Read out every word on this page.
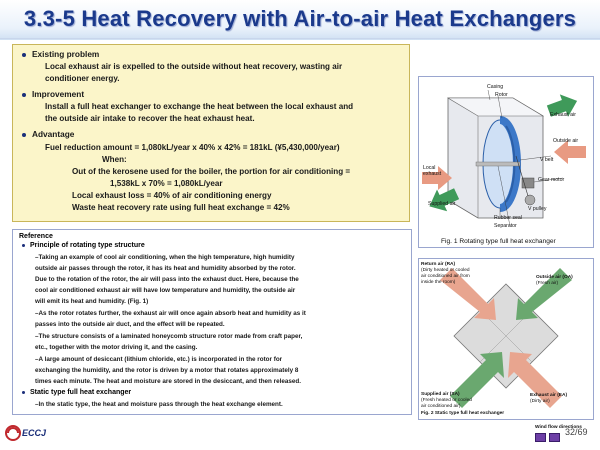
3.3-5 Heat Recovery with Air-to-air Heat Exchangers
Existing problem
Local exhaust air is expelled to the outside without heat recovery, wasting air
conditioner energy.
Improvement
Install a full heat exchanger to exchange the heat between the local exhaust and
the outside air intake to recover the heat exhaust heat.
Advantage
Fuel reduction amount = 1,080kL/year x 40% x 42% = 181kL (¥5,430,000/year)
When:
Out of the kerosene used for the boiler, the portion for air conditioning =
1,538kL x 70% = 1,080kL/year
Local exhaust loss = 40% of air conditioning energy
Waste heat recovery rate using full heat exchange = 42%
Reference
Principle of rotating type structure
–Taking an example of cool air conditioning, when the high temperature, high humidity
outside air passes through the rotor, it has its heat and humidity absorbed by the rotor.
Due to the rotation of the rotor, the air will pass into the exhaust duct. Here, because the
cool air conditioned exhaust air will have low temperature and humidity, the outside air
will emit its heat and humidity. (Fig. 1)
–As the rotor rotates further, the exhaust air will once again absorb heat and humidity as it
passes into the outside air duct, and the effect will be repeated.
–The structure consists of a laminated honeycomb structure rotor made from craft paper,
etc., together with the motor driving it, and the casing.
–A large amount of desiccant (lithium chloride, etc.) is incorporated in the rotor for
exchanging the humidity, and the rotor is driven by a motor that rotates approximately 8
times each minute. The heat and moisture are stored in the desiccant, and then released.
Static type full heat exchanger
–In the static type, the heat and moisture pass through the heat exchange element.
Casing
Rotor
Exhaust air
Outside air
V belt
Local
exhaust
Gear motor
Supplied air
V pulley
Rubber seal
Separator
Fig. 1 Rotating type full heat exchanger
Return air (RA)
(Dirty heated or cooled
air conditioned air from
inside the room)
Outside air (OA)
(Fresh air)
Supplied air (SA)
(Fresh heated or cooled
air conditioned air)
Exhaust air (EA)
(Dirty air)
Fig. 2 Static type full heat exchanger
Wind flow directions
ECCJ	32/69
